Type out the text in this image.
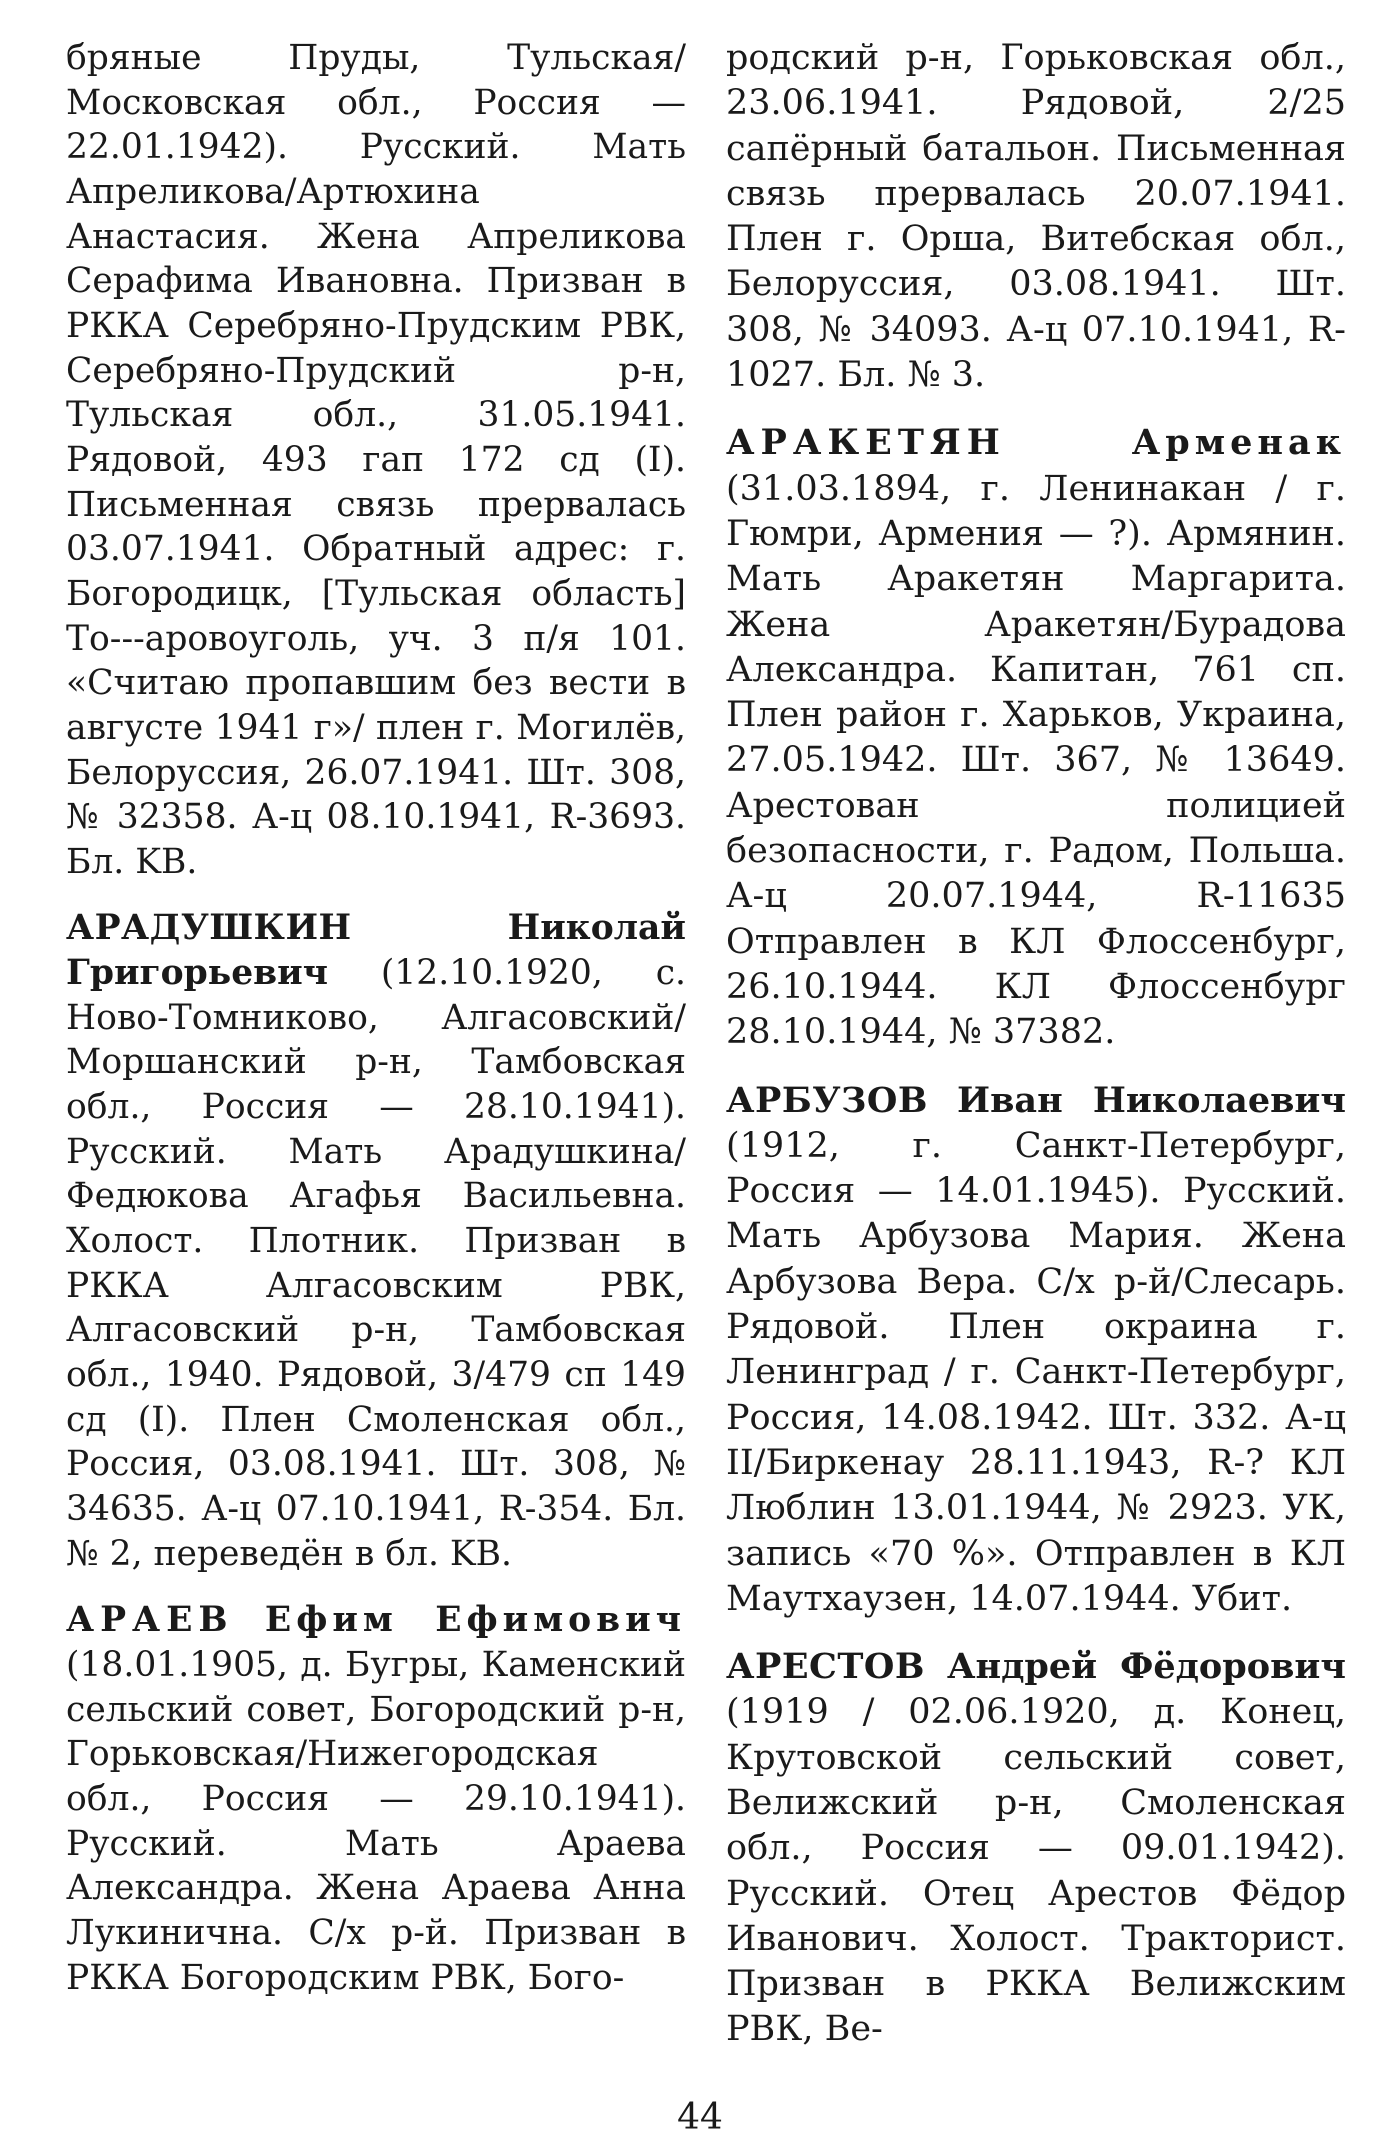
бряные Пруды, Тульская/ Московская обл., Россия — 22.01.1942). Русский. Мать Апреликова/Артюхина Анастасия. Жена Апреликова Серафима Ивановна. Призван в РККА Серебряно-Прудским РВК, Серебряно-Прудский р-н, Тульская обл., 31.05.1941. Рядовой, 493 гап 172 сд (I). Письменная связь прервалась 03.07.1941. Обратный адрес: г. Богородицк, [Тульская область] То---аровоуголь, уч. 3 п/я 101. «Считаю пропавшим без вести в августе 1941 г»/ плен г. Могилёв, Белоруссия, 26.07.1941. Шт. 308, № 32358. А-ц 08.10.1941, R-3693. Бл. KB.

АРАДУШКИН	Николай Григорьевич (12.10.1920, с. Ново-Томниково, Алгасовский/Моршанский р-н, Тамбовская обл., Россия — 28.10.1941). Русский. Мать Арадушкина/Федюкова Агафья Васильевна. Холост. Плотник. Призван в РККА Алгасовским РВК, Алгасовский р-н, Тамбовская обл., 1940. Рядовой, 3/479 сп 149 сд (I). Плен Смоленская обл., Россия, 03.08.1941. Шт. 308, № 34635. А-ц 07.10.1941, R-354. Бл. № 2, переведён в бл. KB.

АРАЕВ Ефим Ефимович (18.01.1905, д. Бугры, Каменский сельский совет, Богородский р-н, Горьковская/Нижегородская обл., Россия — 29.10.1941). Русский. Мать Араева Александра. Жена Араева Анна Лукинична. С/х р-й. Призван в РККА Богородским РВК, Бого-

родский р-н, Горьковская обл., 23.06.1941. Рядовой, 2/25 сапёрный батальон. Письменная связь прервалась 20.07.1941. Плен г. Орша, Витебская обл., Белоруссия, 03.08.1941. Шт. 308, № 34093. А-ц 07.10.1941, R-1027. Бл. № 3.

АРАКЕТЯН	Арменак (31.03.1894, г. Ленинакан / г. Гюмри, Армения — ?). Армянин. Мать Аракетян Маргарита. Жена Аракетян/Бурадова Александра. Капитан, 761 сп. Плен район г. Харьков, Украина, 27.05.1942. Шт. 367, № 13649. Арестован полицией безопасности, г. Радом, Польша. А-ц 20.07.1944, R-11635 Отправлен в КЛ Флоссенбург, 26.10.1944. КЛ Флоссенбург 28.10.1944, № 37382.

АРБУЗОВ Иван Николаевич (1912, г. Санкт-Петербург, Россия — 14.01.1945). Русский. Мать Арбузова Мария. Жена Арбузова Вера. С/х р-й/Слесарь. Рядовой. Плен окраина г. Ленинград / г. Санкт-Петербург, Россия, 14.08.1942. Шт. 332. А-ц II/Биркенау 28.11.1943, R-? КЛ Люблин 13.01.1944, № 2923. УК, запись «70 %». Отправлен в КЛ Маутхаузен, 14.07.1944. Убит.

АРЕСТОВ Андрей Фёдорович (1919 / 02.06.1920, д. Конец, Крутовской сельский совет, Велижский р-н, Смоленская обл., Россия — 09.01.1942). Русский. Отец Арестов Фёдор Иванович. Холост. Тракторист. Призван в РККА Велижским РВК, Ве-

44
